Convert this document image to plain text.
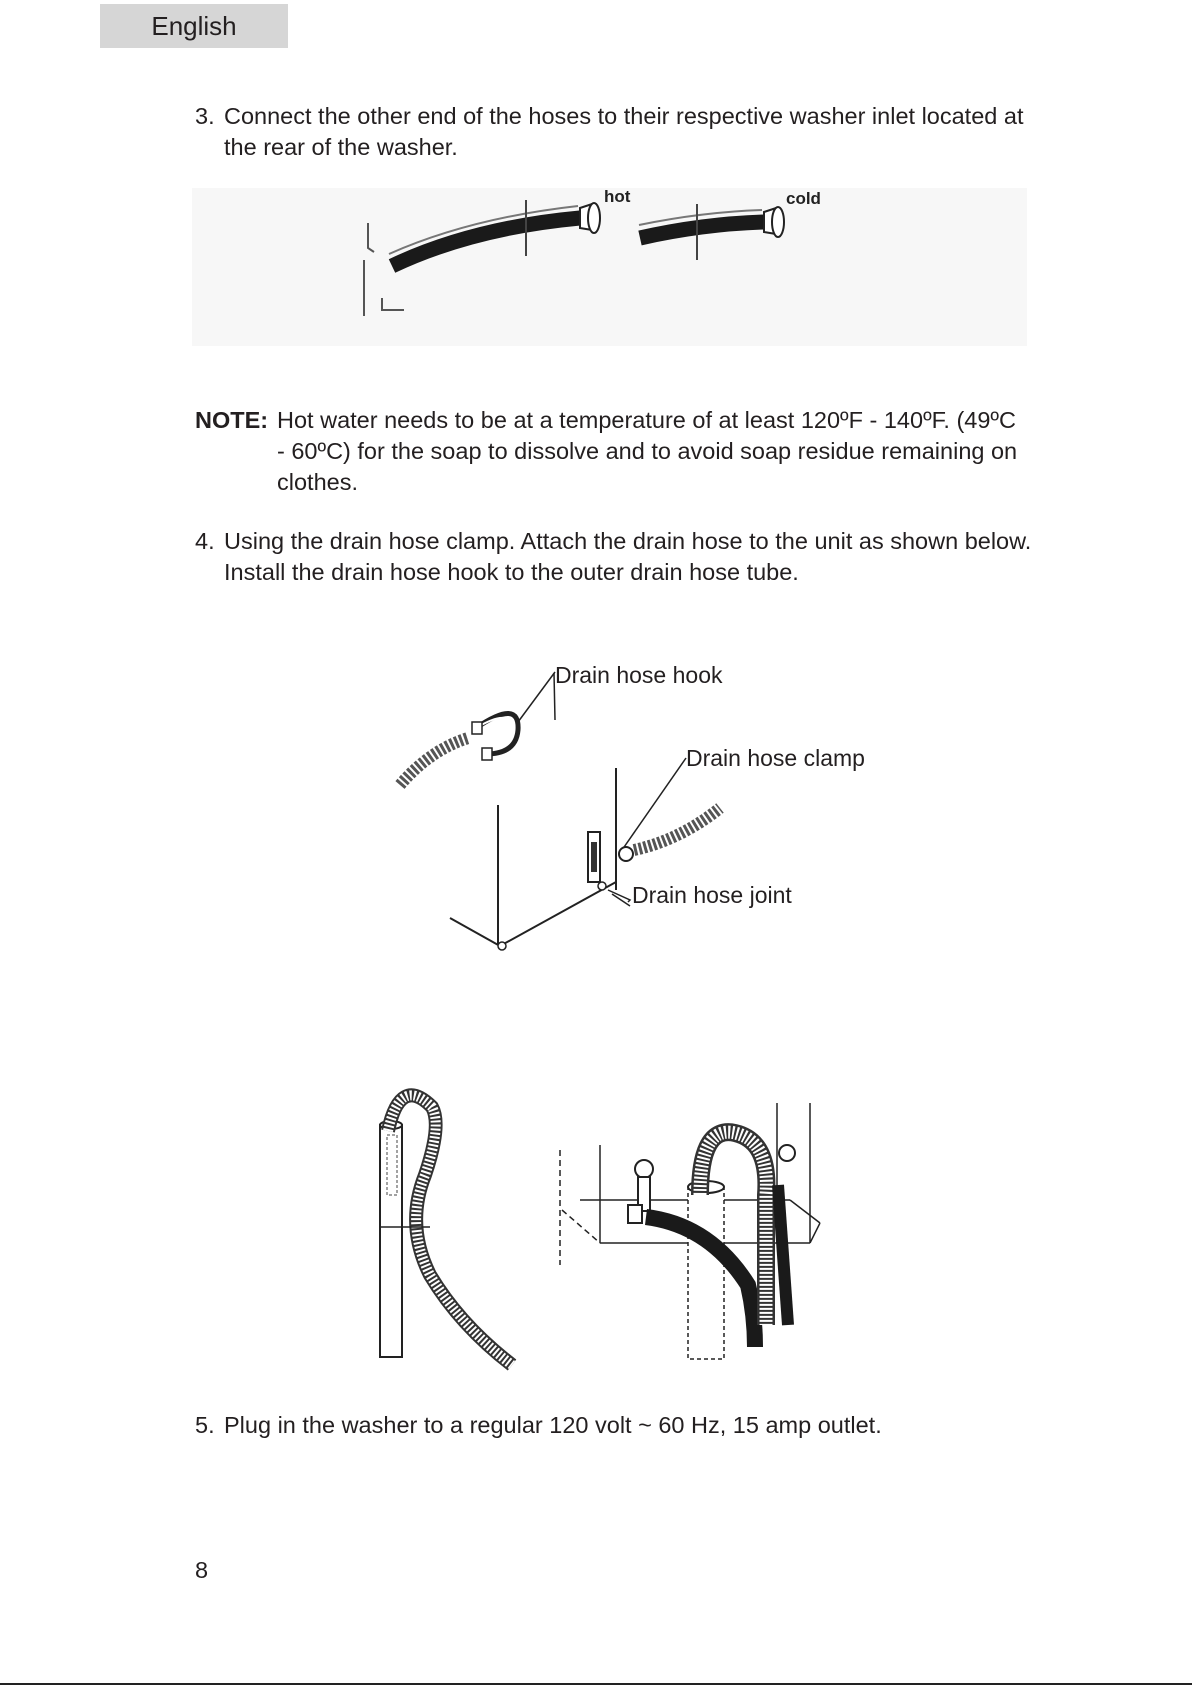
English
3. Connect the other end of the hoses to their respective washer inlet located at
the rear of the washer.
hot	cold
NOTE: Hot water needs to be at a temperature of at least 120ºF - 140ºF. (49ºC
- 60ºC) for the soap to dissolve and to avoid soap residue remaining on
clothes.
4. Using the drain hose clamp. Attach the drain hose to the unit as shown below.
Install the drain hose hook to the outer drain hose tube.
Drain hose hook
Drain hose clamp
Drain hose joint
5. Plug in the washer to a regular 120 volt ~ 60 Hz, 15 amp outlet.
8
